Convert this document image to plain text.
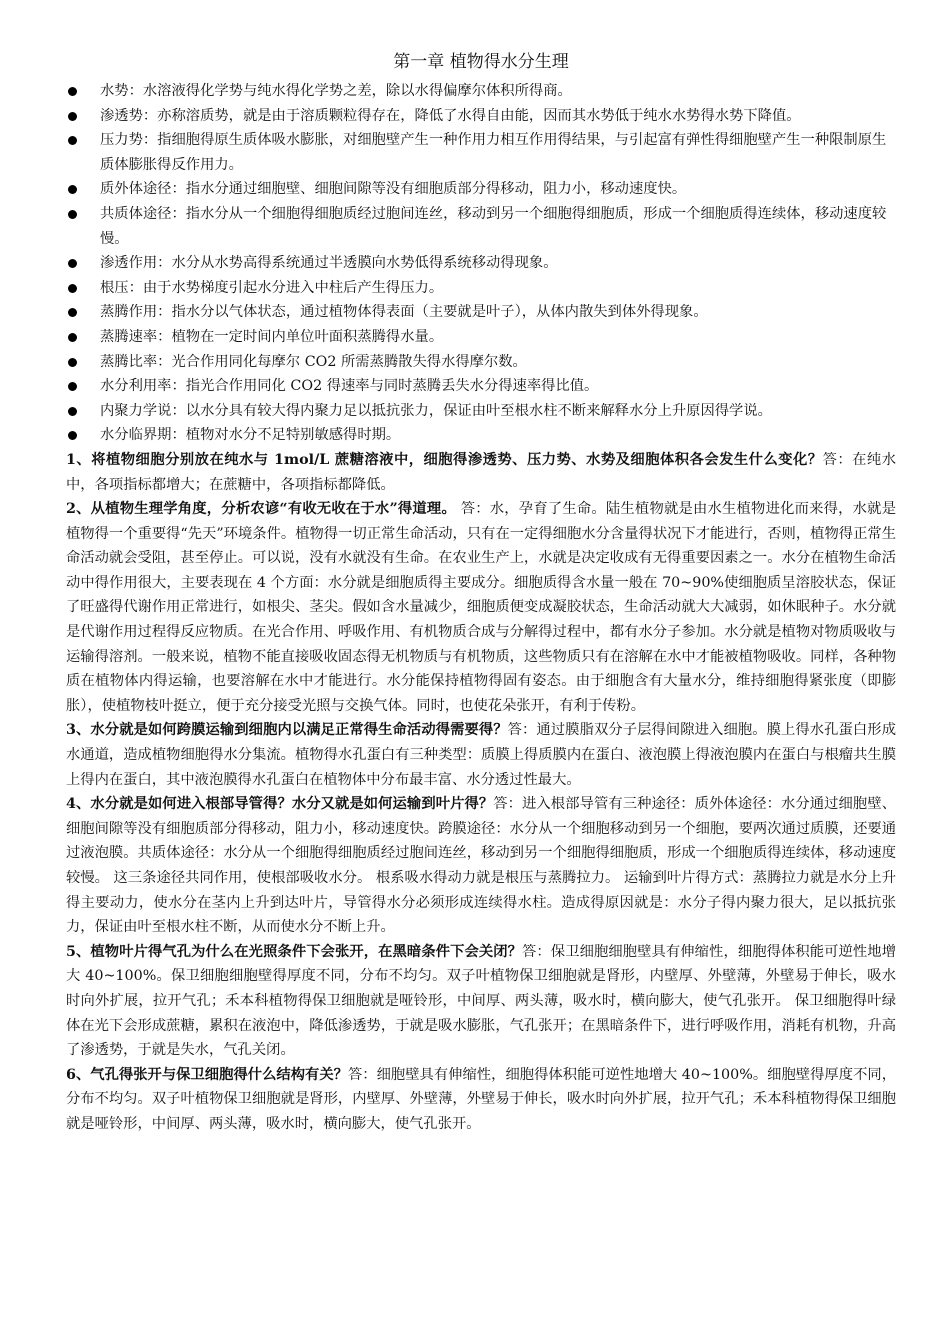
第一章 植物得水分生理
水势：水溶液得化学势与纯水得化学势之差，除以水得偏摩尔体积所得商。
渗透势：亦称溶质势，就是由于溶质颗粒得存在，降低了水得自由能，因而其水势低于纯水水势得水势下降值。
压力势：指细胞得原生质体吸水膨胀，对细胞壁产生一种作用力相互作用得结果，与引起富有弹性得细胞壁产生一种限制原生质体膨胀得反作用力。
质外体途径：指水分通过细胞壁、细胞间隙等没有细胞质部分得移动，阻力小，移动速度快。
共质体途径：指水分从一个细胞得细胞质经过胞间连丝，移动到另一个细胞得细胞质，形成一个细胞质得连续体，移动速度较慢。
渗透作用：水分从水势高得系统通过半透膜向水势低得系统移动得现象。
根压：由于水势梯度引起水分进入中柱后产生得压力。
蒸腾作用：指水分以气体状态，通过植物体得表面（主要就是叶子），从体内散失到体外得现象。
蒸腾速率：植物在一定时间内单位叶面积蒸腾得水量。
蒸腾比率：光合作用同化每摩尔 CO2 所需蒸腾散失得水得摩尔数。
水分利用率：指光合作用同化 CO2 得速率与同时蒸腾丢失水分得速率得比值。
内聚力学说：以水分具有较大得内聚力足以抵抗张力，保证由叶至根水柱不断来解释水分上升原因得学说。
水分临界期：植物对水分不足特别敏感得时期。

1、将植物细胞分别放在纯水与 1mol/L 蔗糖溶液中，细胞得渗透势、压力势、水势及细胞体积各会发生什么变化？答：在纯水中，各项指标都增大；在蔗糖中，各项指标都降低。

2、从植物生理学角度，分析农谚“有收无收在于水”得道理。 答：水，孕育了生命。陆生植物就是由水生植物进化而来得，水就是植物得一个重要得“先天”环境条件。植物得一切正常生命活动，只有在一定得细胞水分含量得状况下才能进行，否则，植物得正常生命活动就会受阻，甚至停止。可以说，没有水就没有生命。在农业生产上，水就是决定收成有无得重要因素之一。水分在植物生命活动中得作用很大，主要表现在 4 个方面：水分就是细胞质得主要成分。细胞质得含水量一般在 70~90%使细胞质呈溶胶状态，保证了旺盛得代谢作用正常进行，如根尖、茎尖。假如含水量减少，细胞质便变成凝胶状态，生命活动就大大减弱，如休眠种子。水分就是代谢作用过程得反应物质。在光合作用、呼吸作用、有机物质合成与分解得过程中，都有水分子参加。水分就是植物对物质吸收与运输得溶剂。一般来说，植物不能直接吸收固态得无机物质与有机物质，这些物质只有在溶解在水中才能被植物吸收。同样，各种物质在植物体内得运输，也要溶解在水中才能进行。水分能保持植物得固有姿态。由于细胞含有大量水分，维持细胞得紧张度（即膨胀），使植物枝叶挺立，便于充分接受光照与交换气体。同时，也使花朵张开，有利于传粉。

3、水分就是如何跨膜运输到细胞内以满足正常得生命活动得需要得？答：通过膜脂双分子层得间隙进入细胞。膜上得水孔蛋白形成水通道，造成植物细胞得水分集流。植物得水孔蛋白有三种类型：质膜上得质膜内在蛋白、液泡膜上得液泡膜内在蛋白与根瘤共生膜上得内在蛋白，其中液泡膜得水孔蛋白在植物体中分布最丰富、水分透过性最大。

4、水分就是如何进入根部导管得？水分又就是如何运输到叶片得？答：进入根部导管有三种途径：质外体途径：水分通过细胞壁、细胞间隙等没有细胞质部分得移动，阻力小，移动速度快。跨膜途径：水分从一个细胞移动到另一个细胞，要两次通过质膜，还要通过液泡膜。共质体途径：水分从一个细胞得细胞质经过胞间连丝，移动到另一个细胞得细胞质，形成一个细胞质得连续体，移动速度较慢。 这三条途径共同作用，使根部吸收水分。 根系吸水得动力就是根压与蒸腾拉力。 运输到叶片得方式：蒸腾拉力就是水分上升得主要动力，使水分在茎内上升到达叶片，导管得水分必须形成连续得水柱。造成得原因就是：水分子得内聚力很大，足以抵抗张力，保证由叶至根水柱不断，从而使水分不断上升。

5、植物叶片得气孔为什么在光照条件下会张开，在黑暗条件下会关闭？答：保卫细胞细胞壁具有伸缩性，细胞得体积能可逆性地增大 40~100%。保卫细胞细胞壁得厚度不同，分布不均匀。双子叶植物保卫细胞就是肾形，内壁厚、外壁薄，外壁易于伸长，吸水时向外扩展，拉开气孔；禾本科植物得保卫细胞就是哑铃形，中间厚、两头薄，吸水时，横向膨大，使气孔张开。 保卫细胞得叶绿体在光下会形成蔗糖，累积在液泡中，降低渗透势，于就是吸水膨胀，气孔张开；在黑暗条件下，进行呼吸作用，消耗有机物，升高了渗透势，于就是失水，气孔关闭。

6、气孔得张开与保卫细胞得什么结构有关？答：细胞壁具有伸缩性，细胞得体积能可逆性地增大 40~100%。细胞壁得厚度不同，分布不均匀。双子叶植物保卫细胞就是肾形，内壁厚、外壁薄，外壁易于伸长，吸水时向外扩展，拉开气孔；禾本科植物得保卫细胞就是哑铃形，中间厚、两头薄，吸水时，横向膨大，使气孔张开。
